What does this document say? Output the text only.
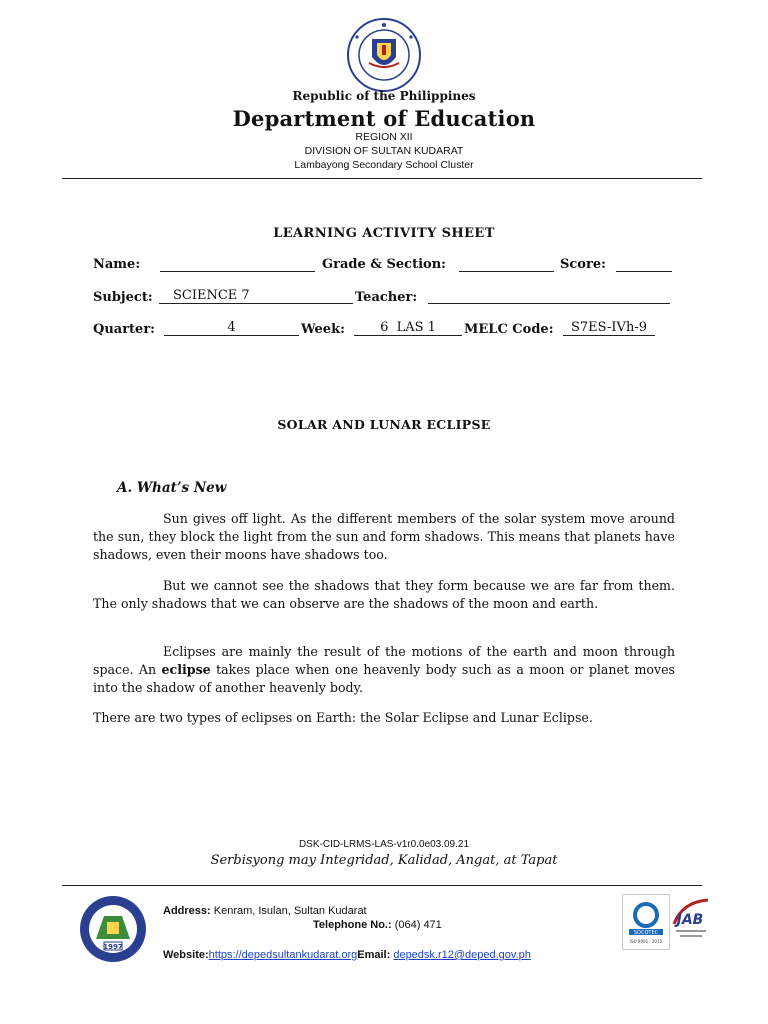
Republic of the Philippines
Department of Education
REGION XII
DIVISION OF SULTAN KUDARAT
Lambayong Secondary School Cluster
LEARNING ACTIVITY SHEET
Name:	Grade & Section:	Score:
Subject:	SCIENCE 7	Teacher:
Quarter:	4	Week:	6  LAS 1	MELC Code:	S7ES-IVh-9
SOLAR AND LUNAR ECLIPSE
A. What’s New
Sun gives off light. As the different members of the solar system move around the sun, they block the light from the sun and form shadows. This means that planets have shadows, even their moons have shadows too.
But we cannot see the shadows that they form because we are far from them. The only shadows that we can observe are the shadows of the moon and earth.
Eclipses are mainly the result of the motions of the earth and moon through space. An eclipse takes place when one heavenly body such as a moon or planet moves into the shadow of another heavenly body.
There are two types of eclipses on Earth: the Solar Eclipse and Lunar Eclipse.
DSK-CID-LRMS-LAS-v1r0.0e03.09.21
Serbisyong may Integridad, Kalidad, Angat, at Tapat
1997
Address: Kenram, Isulan, Sultan Kudarat
Telephone No.: (064) 471
Website:https://depedsultankudarat.orgEmail: depedsk.r12@deped.gov.ph
SOCOTEC
ISO 9001 : 2015
JAB
